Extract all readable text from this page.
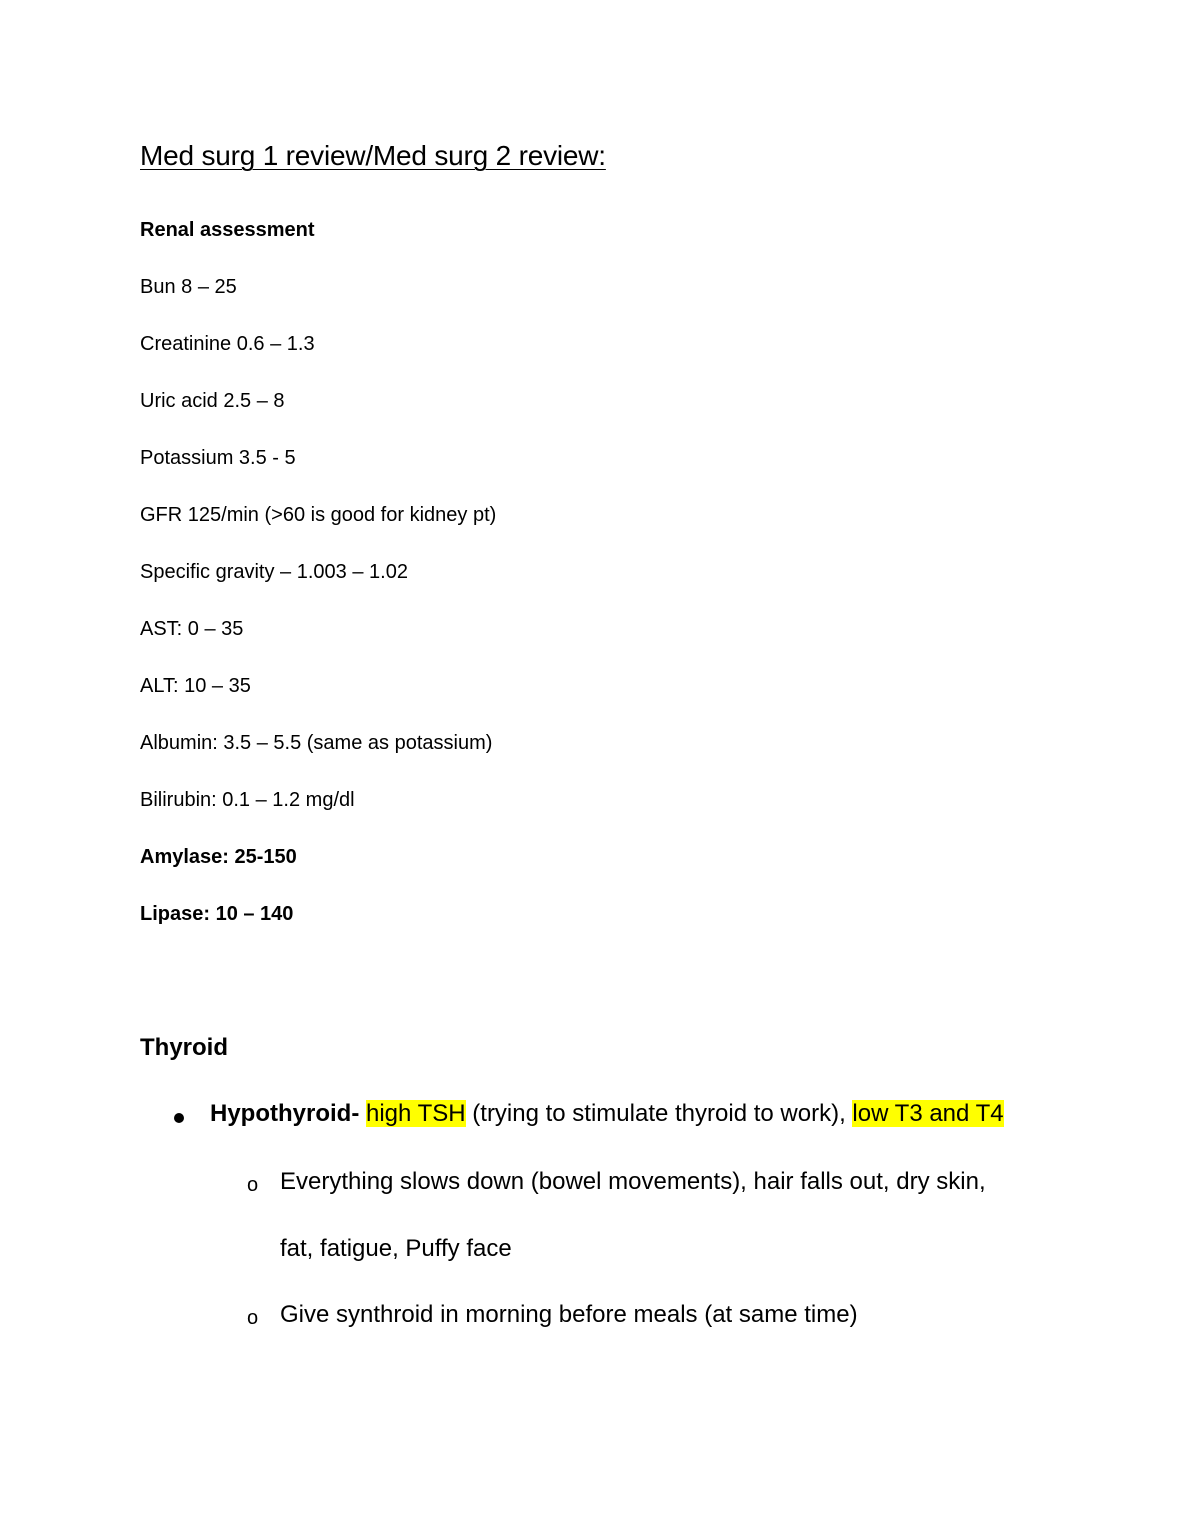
Med surg 1 review/Med surg 2 review:
Renal assessment
Bun 8 – 25
Creatinine 0.6 – 1.3
Uric acid 2.5 – 8
Potassium 3.5 - 5
GFR 125/min (>60 is good for kidney pt)
Specific gravity – 1.003 – 1.02
AST: 0 – 35
ALT: 10 – 35
Albumin: 3.5 – 5.5 (same as potassium)
Bilirubin: 0.1 – 1.2 mg/dl
Amylase: 25-150
Lipase: 10 – 140
Thyroid
Hypothyroid- high TSH (trying to stimulate thyroid to work), low T3 and T4
o Everything slows down (bowel movements), hair falls out, dry skin,
fat, fatigue, Puffy face
o Give synthroid in morning before meals (at same time)
